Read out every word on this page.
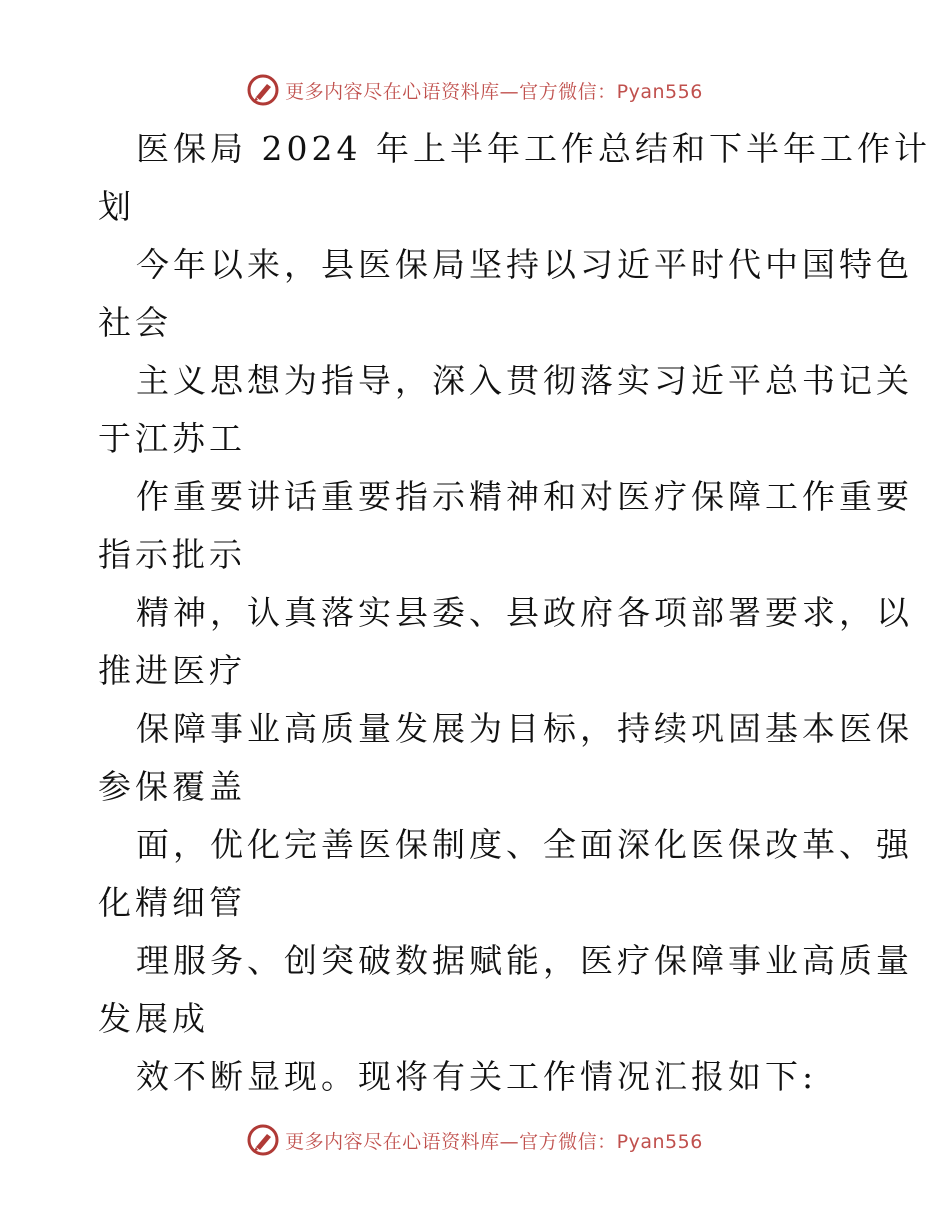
更多内容尽在心语资料库—官方微信：Pyan556

医保局 2024 年上半年工作总结和下半年工作计

划

今年以来，县医保局坚持以习近平时代中国特色

社会

主义思想为指导，深入贯彻落实习近平总书记关

于江苏工

作重要讲话重要指示精神和对医疗保障工作重要

指示批示

精神，认真落实县委、县政府各项部署要求，以

推进医疗

保障事业高质量发展为目标，持续巩固基本医保

参保覆盖

面，优化完善医保制度、全面深化医保改革、强

化精细管

理服务、创突破数据赋能，医疗保障事业高质量

发展成

效不断显现。现将有关工作情况汇报如下:

更多内容尽在心语资料库—官方微信：Pyan556
